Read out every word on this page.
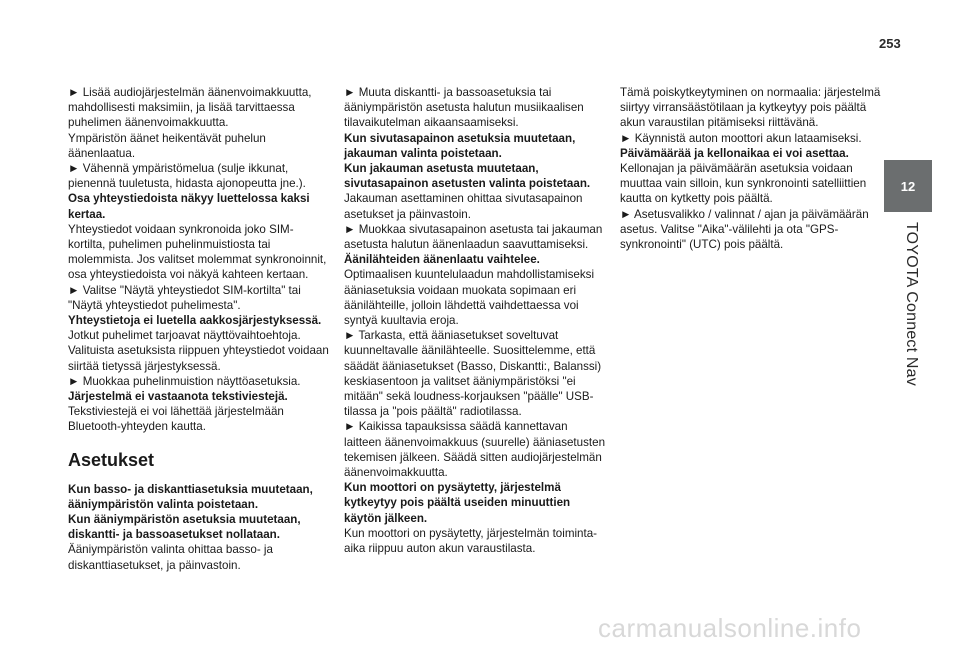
253
12
TOYOTA Connect Nav

► Lisää audiojärjestelmän äänenvoimakkuutta, mahdollisesti maksimiin, ja lisää tarvittaessa puhelimen äänenvoimakkuutta.

Ympäristön äänet heikentävät puhelun äänenlaatua.

► Vähennä ympäristömelua (sulje ikkunat, pienennä tuuletusta, hidasta ajonopeutta jne.).

Osa yhteystiedoista näkyy luettelossa kaksi kertaa.

Yhteystiedot voidaan synkronoida joko SIM-kortilta, puhelimen puhelinmuistiosta tai molemmista. Jos valitset molemmat synkronoinnit, osa yhteystiedoista voi näkyä kahteen kertaan.

► Valitse "Näytä yhteystiedot SIM-kortilta" tai "Näytä yhteystiedot puhelimesta".

Yhteystietoja ei luetella aakkosjärjestyksessä.

Jotkut puhelimet tarjoavat näyttövaihtoehtoja. Valituista asetuksista riippuen yhteystiedot voidaan siirtää tietyssä järjestyksessä.

► Muokkaa puhelinmuistion näyttöasetuksia.

Järjestelmä ei vastaanota tekstiviestejä.

Tekstiviestejä ei voi lähettää järjestelmään Bluetooth-yhteyden kautta.

Asetukset

Kun basso- ja diskanttiasetuksia muutetaan, ääniympäristön valinta poistetaan.

Kun ääniympäristön asetuksia muutetaan, diskantti- ja bassoasetukset nollataan.

Ääniympäristön valinta ohittaa basso- ja diskanttiasetukset, ja päinvastoin.

► Muuta diskantti- ja bassoasetuksia tai ääniympäristön asetusta halutun musiikaalisen tilavaikutelman aikaansaamiseksi.

Kun sivutasapainon asetuksia muutetaan, jakauman valinta poistetaan.

Kun jakauman asetusta muutetaan, sivutasapainon asetusten valinta poistetaan.

Jakauman asettaminen ohittaa sivutasapainon asetukset ja päinvastoin.

► Muokkaa sivutasapainon asetusta tai jakauman asetusta halutun äänenlaadun saavuttamiseksi.

Äänilähteiden äänenlaatu vaihtelee.

Optimaalisen kuuntelulaadun mahdollistamiseksi ääniasetuksia voidaan muokata sopimaan eri äänilähteille, jolloin lähdettä vaihdettaessa voi syntyä kuultavia eroja.

► Tarkasta, että ääniasetukset soveltuvat kuunneltavalle äänilähteelle. Suosittelemme, että säädät ääniasetukset (Basso, Diskantti:, Balanssi) keskiasentoon ja valitset ääniympäristöksi "ei mitään" sekä loudness-korjauksen "päälle" USB-tilassa ja "pois päältä" radiotilassa.

► Kaikissa tapauksissa säädä kannettavan laitteen äänenvoimakkuus (suurelle) ääniasetusten tekemisen jälkeen. Säädä sitten audiojärjestelmän äänenvoimakkuutta.

Kun moottori on pysäytetty, järjestelmä kytkeytyy pois päältä useiden minuuttien käytön jälkeen.

Kun moottori on pysäytetty, järjestelmän toiminta-aika riippuu auton akun varaustilasta.

Tämä poiskytkeytyminen on normaalia: järjestelmä siirtyy virransäästötilaan ja kytkeytyy pois päältä akun varaustilan pitämiseksi riittävänä.

► Käynnistä auton moottori akun lataamiseksi.

Päivämäärää ja kellonaikaa ei voi asettaa.

Kellonajan ja päivämäärän asetuksia voidaan muuttaa vain silloin, kun synkronointi satelliittien kautta on kytketty pois päältä.

► Asetusvalikko / valinnat / ajan ja päivämäärän asetus. Valitse "Aika"-välilehti ja ota "GPS-synkronointi" (UTC) pois päältä.

carmanualsonline.info
